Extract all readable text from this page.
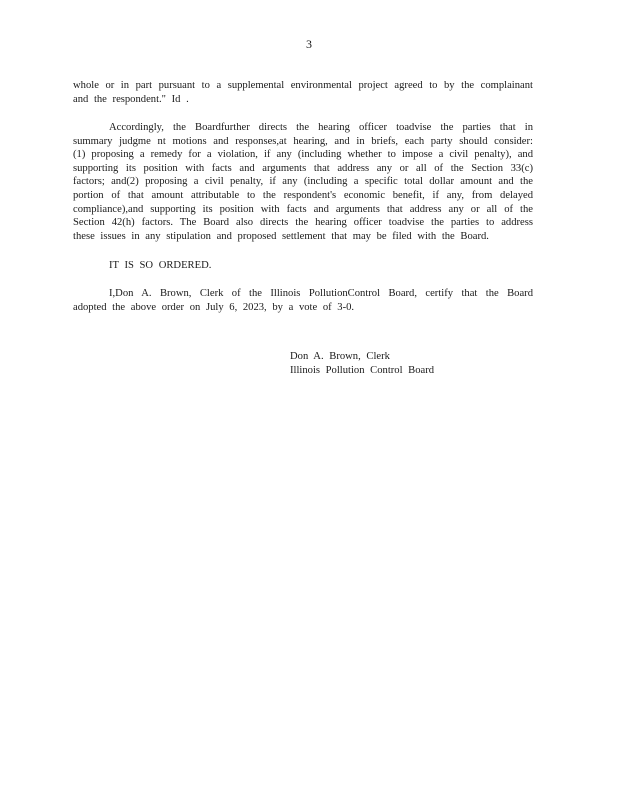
3
whole or in part pursuant to a supplemental environmental project agreed to by the complainant
and the respondent." Id .
Accordingly, the Boardfurther directs the hearing officer toadvise the parties that in
summary judgme nt motions and responses,at hearing, and in briefs, each party should consider:
(1) proposing a remedy for a violation, if any (including whether to impose a civil penalty), and
supporting its position with facts and arguments that address any or all of the Section 33(c)
factors; and(2) proposing a civil penalty, if any (including a specific total dollar amount and the
portion of that amount attributable to the respondent's economic benefit, if any, from delayed
compliance),and supporting its position with facts and arguments that address any or all of the
Section 42(h) factors. The Board also directs the hearing officer toadvise the parties to address
these issues in any stipulation and proposed settlement that may be filed with the Board.
IT IS SO ORDERED.
I,Don A. Brown, Clerk of the Illinois PollutionControl Board, certify that the Board
adopted the above order on July 6, 2023, by a vote of 3-0.
Don A. Brown, Clerk
Illinois Pollution Control Board
